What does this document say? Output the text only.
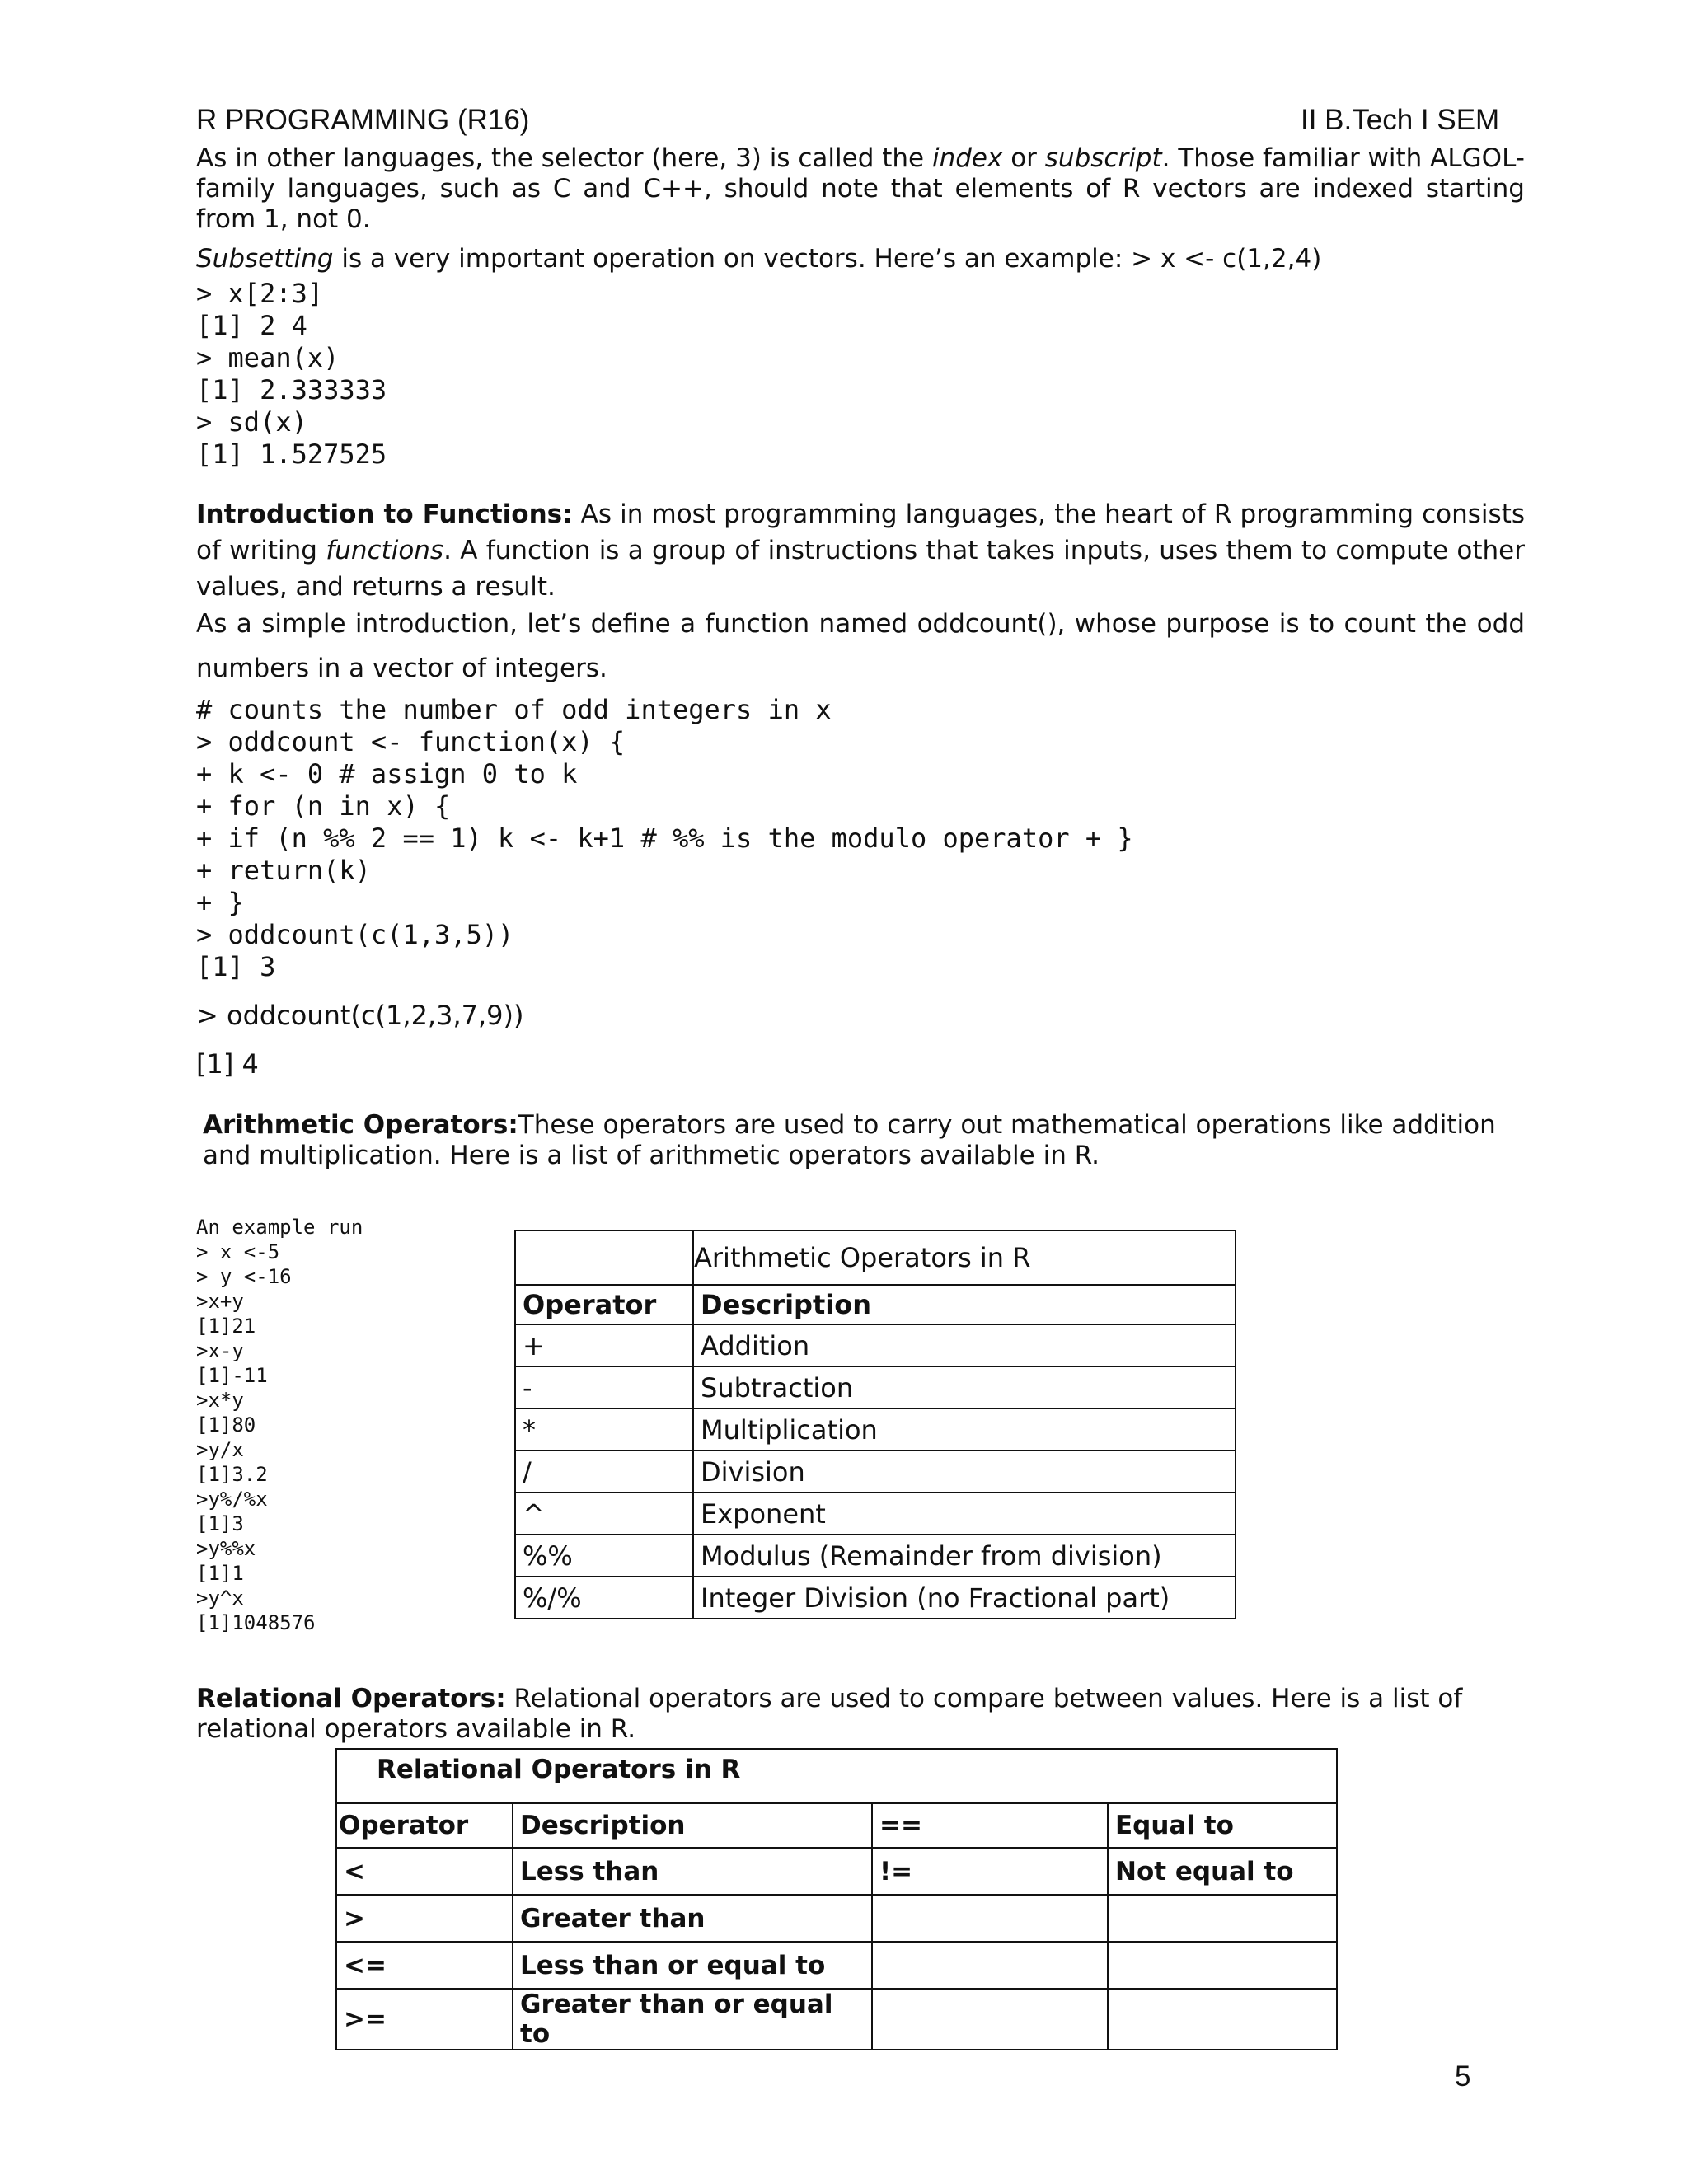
R PROGRAMMING (R16)	II B.Tech I SEM

As in other languages, the selector (here, 3) is called the index or subscript. Those familiar with ALGOL-family languages, such as C and C++, should note that elements of R vectors are indexed starting from 1, not 0.

Subsetting is a very important operation on vectors. Here’s an example: > x <- c(1,2,4)

> x[2:3]
[1] 2 4
> mean(x)
[1] 2.333333
> sd(x)
[1] 1.527525

Introduction to Functions: As in most programming languages, the heart of R programming consists of writing functions. A function is a group of instructions that takes inputs, uses them to compute other values, and returns a result.

As a simple introduction, let’s define a function named oddcount(), whose purpose is to count the odd numbers in a vector of integers.

# counts the number of odd integers in x
> oddcount <- function(x) {
+ k <- 0 # assign 0 to k
+ for (n in x) {
+ if (n %% 2 == 1) k <- k+1 # %% is the modulo operator + }
+ return(k)
+ }
> oddcount(c(1,3,5))
[1] 3
> oddcount(c(1,2,3,7,9))
[1] 4

Arithmetic Operators:These operators are used to carry out mathematical operations like addition and multiplication. Here is a list of arithmetic operators available in R.

An example run
> x <-5
> y <-16
>x+y
[1]21
>x-y
[1]-11
>x*y
[1]80
>y/x
[1]3.2
>y%/%x
[1]3
>y%%x
[1]1
>y^x
[1]1048576
	Arithmetic Operators in R
Operator	Description
+	Addition
-	Subtraction
*	Multiplication
/	Division
^	Exponent
%%	Modulus (Remainder from division)
%/%	Integer Division (no Fractional part)

Relational Operators: Relational operators are used to compare between values. Here is a list of relational operators available in R.

Relational Operators in R			
Operator	Description	==	Equal to
<	Less than	!=	Not equal to
>	Greater than		
<=	Less than or equal to		
>=	Greater than or equal to		
5
